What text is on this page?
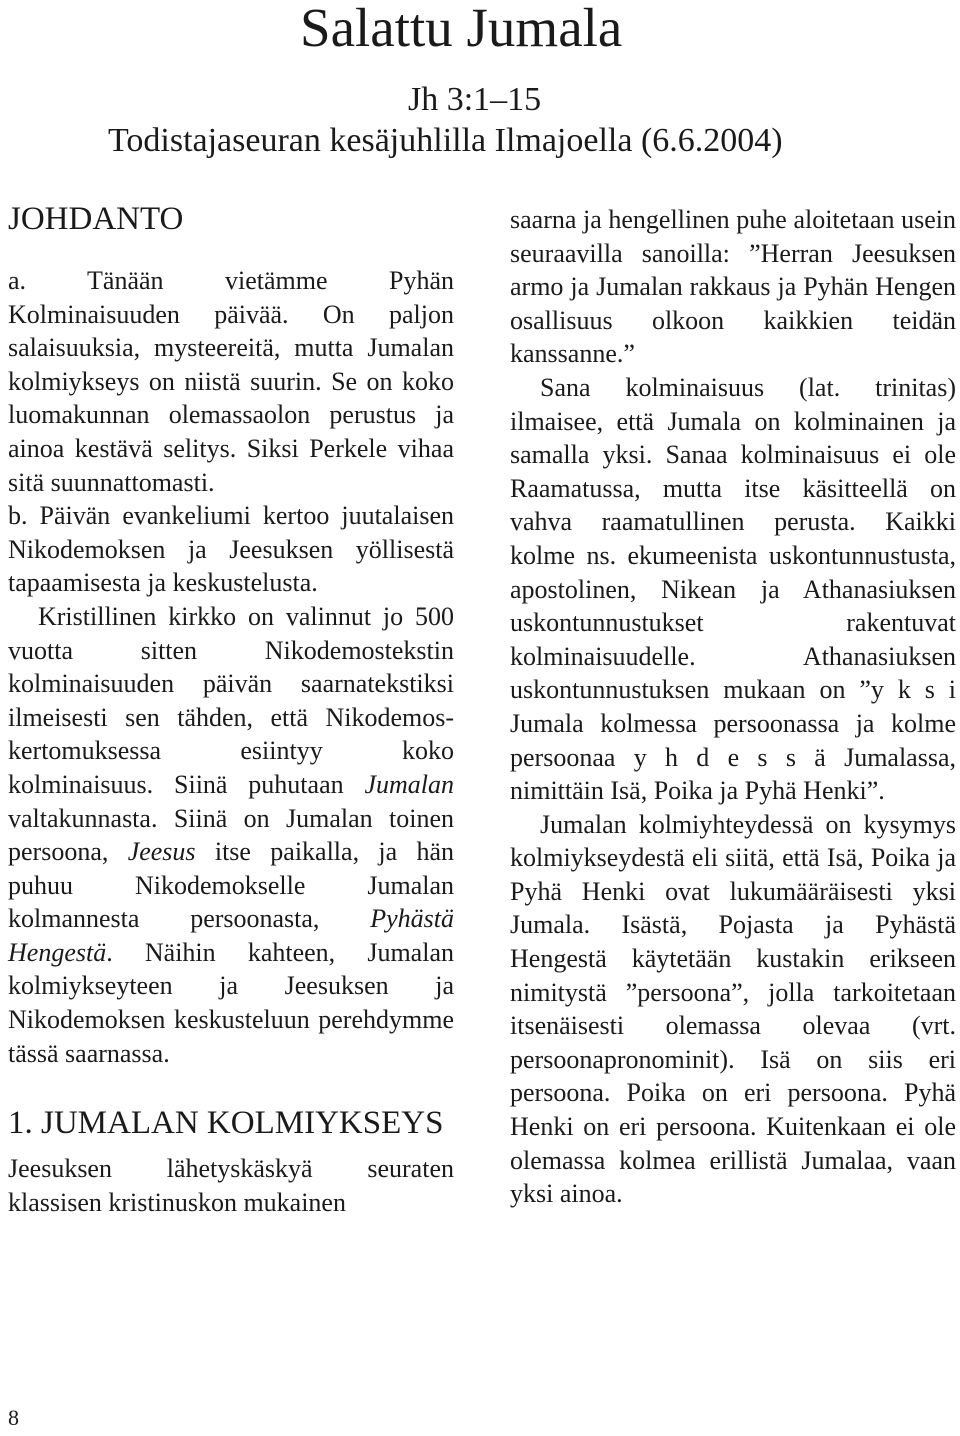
Salattu Jumala
Jh 3:1–15
Todistajaseuran kesäjuhlilla Ilmajoella (6.6.2004)
JOHDANTO

a. Tänään vietämme Pyhän Kolminaisuuden päivää. On paljon salaisuuksia, mysteereitä, mutta Jumalan kolmiykseys on niistä suurin. Se on koko luomakunnan olemassaolon perustus ja ainoa kestävä selitys. Siksi Perkele vihaa sitä suunnattomasti.

b. Päivän evankeliumi kertoo juutalaisen Nikodemoksen ja Jeesuksen yöllisestä tapaamisesta ja keskustelusta.

Kristillinen kirkko on valinnut jo 500 vuotta sitten Nikodemostekstin kolminaisuuden päivän saarnatekstiksi ilmeisesti sen tähden, että Nikodemos-kertomuksessa esiintyy koko kolminaisuus. Siinä puhutaan Jumalan valtakunnasta. Siinä on Jumalan toinen persoona, Jeesus itse paikalla, ja hän puhuu Nikodemokselle Jumalan kolmannesta persoonasta, Pyhästä Hengestä. Näihin kahteen, Jumalan kolmiykseyteen ja Jeesuksen ja Nikodemoksen keskusteluun perehdymme tässä saarnassa.

1. JUMALAN KOLMIYKSEYS

Jeesuksen lähetyskäskyä seuraten klassisen kristinuskon mukainen

saarna ja hengellinen puhe aloitetaan usein seuraavilla sanoilla: ”Herran Jeesuksen armo ja Jumalan rakkaus ja Pyhän Hengen osallisuus olkoon kaikkien teidän kanssanne.”

Sana kolminaisuus (lat. trinitas) ilmaisee, että Jumala on kolminainen ja samalla yksi. Sanaa kolminaisuus ei ole Raamatussa, mutta itse käsitteellä on vahva raamatullinen perusta. Kaikki kolme ns. ekumeenista uskontunnustusta, apostolinen, Nikean ja Athanasiuksen uskontunnustukset rakentuvat kolminaisuudelle. Athanasiuksen uskontunnustuksen mukaan on ”y k s i Jumala kolmessa persoonassa ja kolme persoonaa y h d e s s ä Jumalassa, nimittäin Isä, Poika ja Pyhä Henki”.

Jumalan kolmiyhteydessä on kysymys kolmiykseydestä eli siitä, että Isä, Poika ja Pyhä Henki ovat lukumääräisesti yksi Jumala. Isästä, Pojasta ja Pyhästä Hengestä käytetään kustakin erikseen nimitystä ”persoona”, jolla tarkoitetaan itsenäisesti olemassa olevaa (vrt. persoonapronominit). Isä on siis eri persoona. Poika on eri persoona. Pyhä Henki on eri persoona. Kuitenkaan ei ole olemassa kolmea erillistä Jumalaa, vaan yksi ainoa.

8
